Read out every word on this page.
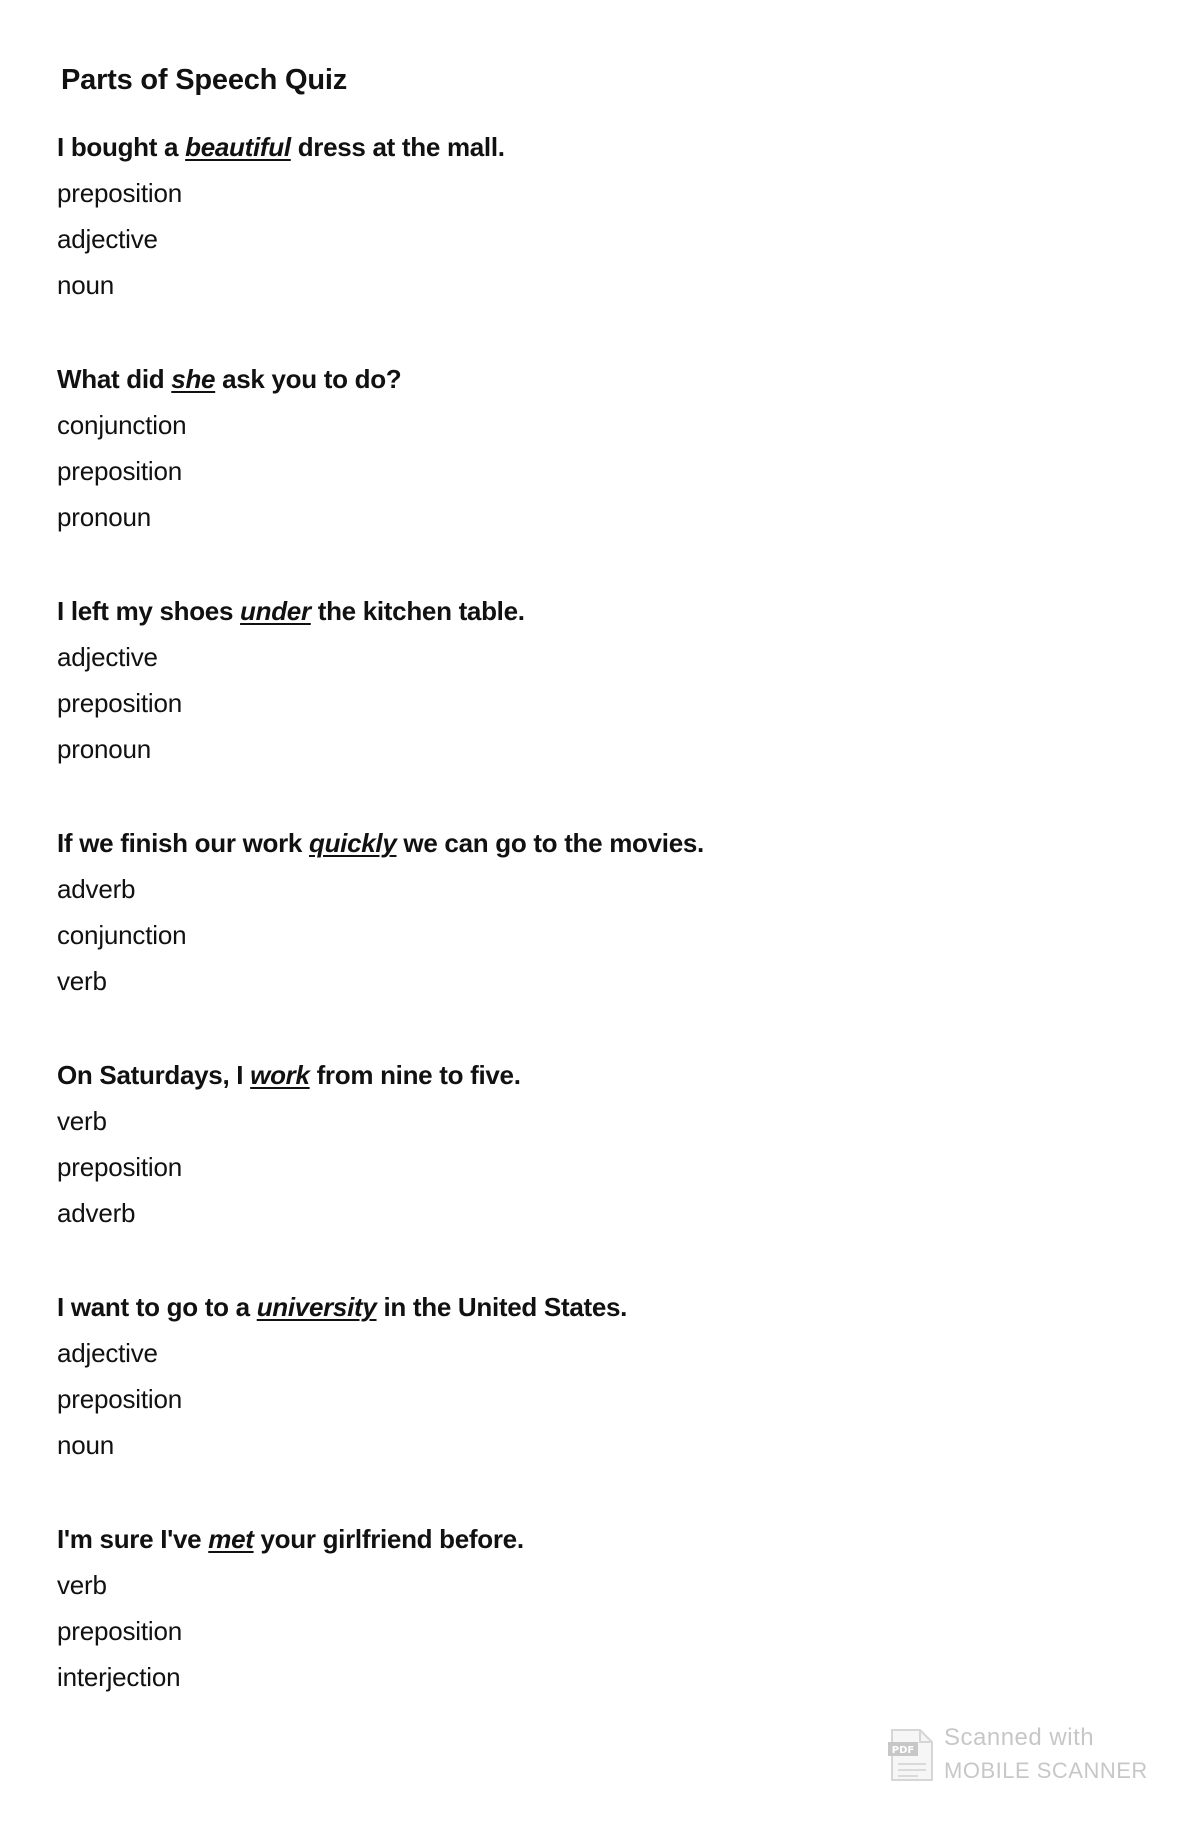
Parts of Speech Quiz
I bought a beautiful dress at the mall.
preposition
adjective
noun
What did she ask you to do?
conjunction
preposition
pronoun
I left my shoes under the kitchen table.
adjective
preposition
pronoun
If we finish our work quickly we can go to the movies.
adverb
conjunction
verb
On Saturdays, I work from nine to five.
verb
preposition
adverb
I want to go to a university in the United States.
adjective
preposition
noun
I'm sure I've met your girlfriend before.
verb
preposition
interjection
PDF Scanned with
MOBILE SCANNER
